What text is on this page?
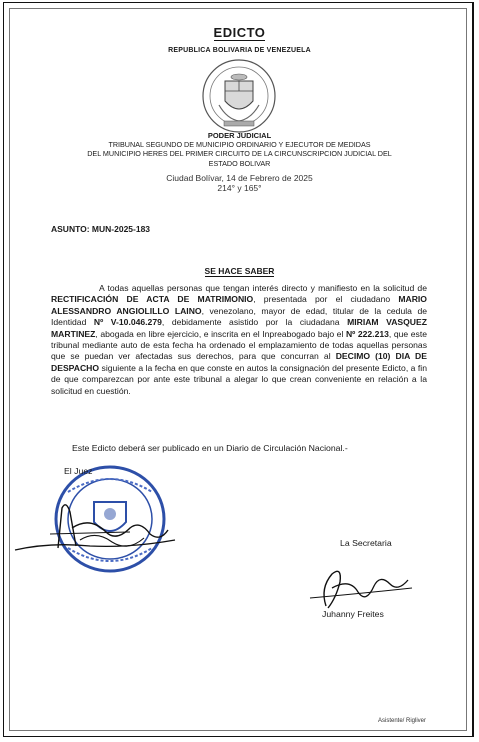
EDICTO
REPUBLICA BOLIVARIA DE VENEZUELA
PODER JUDICIAL
TRIBUNAL SEGUNDO DE MUNICIPIO ORDINARIO Y EJECUTOR DE MEDIDAS
DEL MUNICIPIO HERES DEL PRIMER CIRCUITO DE LA CIRCUNSCRIPCION JUDICIAL DEL
ESTADO BOLIVAR
Ciudad Bolívar, 14 de Febrero de 2025
214° y 165°
ASUNTO: MUN-2025-183
SE HACE SABER

A todas aquellas personas que tengan interés directo y manifiesto en la solicitud de RECTIFICACIÓN DE ACTA DE MATRIMONIO, presentada por el ciudadano MARIO ALESSANDRO ANGIOLILLO LAINO, venezolano, mayor de edad, titular de la cedula de Identidad Nº V-10.046.279, debidamente asistido por la ciudadana MIRIAM VASQUEZ MARTINEZ, abogada en libre ejercicio, e inscrita en el Inpreabogado bajo el Nº 222.213, que este tribunal mediante auto de esta fecha ha ordenado el emplazamiento de todas aquellas personas que se puedan ver afectadas sus derechos, para que concurran al DECIMO (10) DIA DE DESPACHO siguiente a la fecha en que conste en autos la consignación del presente Edicto, a fin de que comparezcan por ante este tribunal a alegar lo que crean conveniente en relación a la solicitud en cuestión.

Este Edicto deberá ser publicado en un Diario de Circulación Nacional.-
El Juez
La Secretaria
Juhanny Freites
Asistente/ Rigliver
